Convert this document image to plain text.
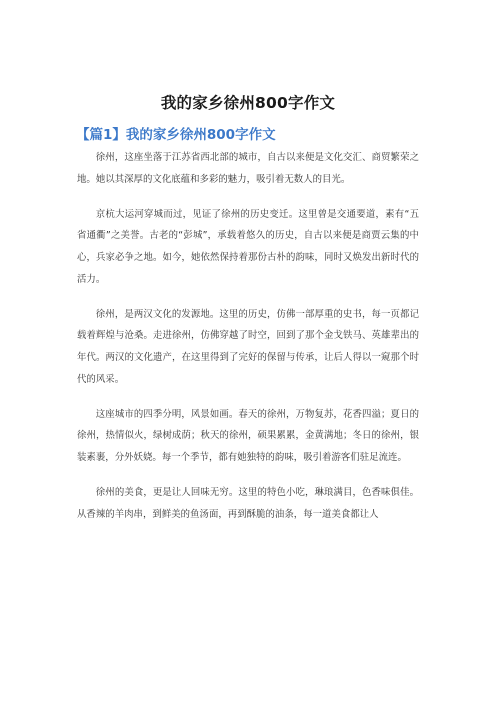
我的家乡徐州800字作文
【篇1】我的家乡徐州800字作文

徐州，这座坐落于江苏省西北部的城市，自古以来便是文化交汇、商贸繁荣之地。她以其深厚的文化底蕴和多彩的魅力，吸引着无数人的目光。

京杭大运河穿城而过，见证了徐州的历史变迁。这里曾是交通要道，素有“五省通衢”之美誉。古老的“彭城”，承载着悠久的历史，自古以来便是商贾云集的中心，兵家必争之地。如今，她依然保持着那份古朴的韵味，同时又焕发出新时代的活力。

徐州，是两汉文化的发源地。这里的历史，仿佛一部厚重的史书，每一页都记载着辉煌与沧桑。走进徐州，仿佛穿越了时空，回到了那个金戈铁马、英雄辈出的年代。两汉的文化遗产，在这里得到了完好的保留与传承，让后人得以一窥那个时代的风采。

这座城市的四季分明，风景如画。春天的徐州，万物复苏，花香四溢；夏日的徐州，热情似火，绿树成荫；秋天的徐州，硕果累累，金黄满地；冬日的徐州，银装素裹，分外妖娆。每一个季节，都有她独特的韵味，吸引着游客们驻足流连。

徐州的美食，更是让人回味无穷。这里的特色小吃，琳琅满目，色香味俱佳。从香辣的羊肉串，到鲜美的鱼汤面，再到酥脆的油条，每一道美食都让人
